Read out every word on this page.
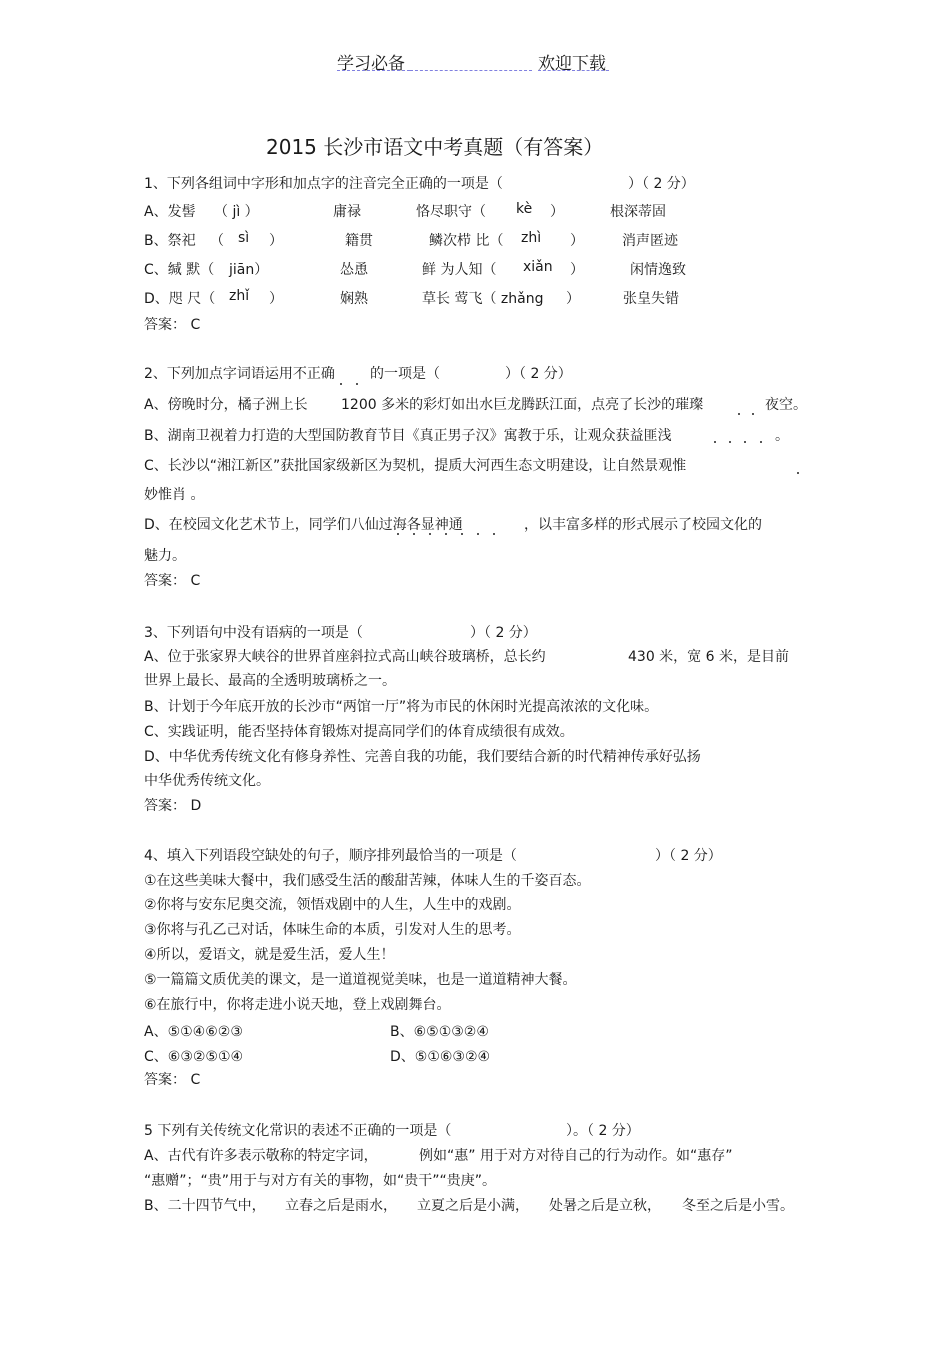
学习必备	欢迎下载
2015 长沙市语文中考真题（有答案）
1、下列各组词中字形和加点字的注音完全正确的一项是（	）（ 2 分）
A、发髻 （ jì ）	庸禄	恪尽职守（ kè ）	根深蒂固
B、祭祀 （ sì ）	籍贯	鳞次栉 比（ zhì ）	消声匿迹
C、缄 默（ jiān）	怂恿	鲜 为人知（ xiǎn ）	闲情逸致
D、咫 尺（ zhǐ ）	娴熟	草长 莺飞（ zhǎng ）	张皇失错
答案： C
2、下列加点字词语运用不正确	的一项是（	）（ 2 分）
A、傍晚时分，橘子洲上长 1200 多米的彩灯如出水巨龙腾跃江面，点亮了长沙的璀璨	夜空。
B、湖南卫视着力打造的大型国防教育节目《真正男子汉》寓教于乐，让观众获益匪浅	。
C、长沙以“湘江新区”获批国家级新区为契机，提质大河西生态文明建设，让自然景观惟
妙惟肖 。
D、在校园文化艺术节上，同学们八仙过海各显神通	，以丰富多样的形式展示了校园文化的
魅力。
答案： C
3、下列语句中没有语病的一项是（	）（ 2 分）
A、位于张家界大峡谷的世界首座斜拉式高山峡谷玻璃桥，总长约	430 米，宽 6 米，是目前
世界上最长、最高的全透明玻璃桥之一。
B、计划于今年底开放的长沙市“两馆一厅”将为市民的休闲时光提高浓浓的文化味。
C、实践证明，能否坚持体育锻炼对提高同学们的体育成绩很有成效。
D、中华优秀传统文化有修身养性、完善自我的功能，我们要结合新的时代精神传承好弘扬
中华优秀传统文化。
答案： D
4、填入下列语段空缺处的句子，顺序排列最恰当的一项是（	）（ 2 分）
①在这些美味大餐中，我们感受生活的酸甜苦辣，体味人生的千姿百态。
②你将与安东尼奥交流，领悟戏剧中的人生，人生中的戏剧。
③你将与孔乙己对话，体味生命的本质，引发对人生的思考。
④所以，爱语文，就是爱生活，爱人生！
⑤一篇篇文质优美的课文，是一道道视觉美味，也是一道道精神大餐。
⑥在旅行中，你将走进小说天地，登上戏剧舞台。
A、⑤①④⑥②③	B、⑥⑤①③②④
C、⑥③②⑤①④	D、⑤①⑥③②④
答案： C
5 下列有关传统文化常识的表述不正确的一项是（	）。（ 2 分）
A、古代有许多表示敬称的特定字词，	例如“惠” 用于对方对待自己的行为动作。如“惠存”
“惠赠”；“贵”用于与对方有关的事物，如“贵干”“贵庚”。
B、二十四节气中， 立春之后是雨水， 立夏之后是小满， 处暑之后是立秋， 冬至之后是小雪。
